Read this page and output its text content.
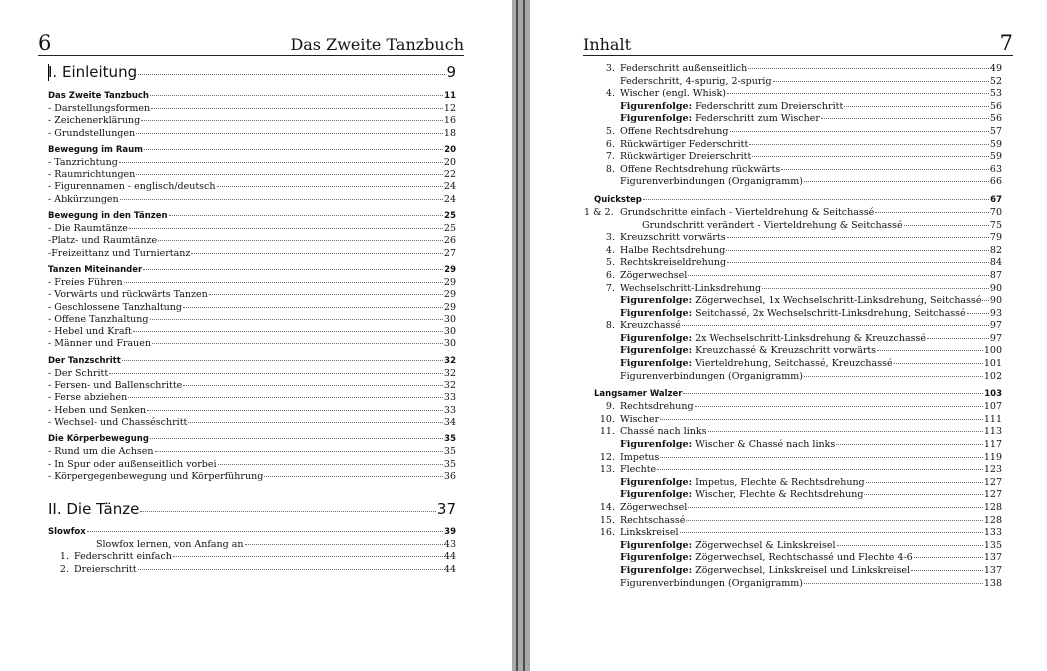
6	Das Zweite Tanzbuch
I. Einleitung	9
Das Zweite Tanzbuch	11
- Darstellungsformen	12
- Zeichenerklärung	16
- Grundstellungen	18
Bewegung im Raum	20
- Tanzrichtung	20
- Raumrichtungen	22
- Figurennamen - englisch/deutsch	24
- Abkürzungen	24
Bewegung in den Tänzen	25
- Die Raumtänze	25
-Platz- und Raumtänze	26
-Freizeittanz und Turniertanz	27
Tanzen Miteinander	29
- Freies Führen	29
- Vorwärts und rückwärts Tanzen	29
- Geschlossene Tanzhaltung	29
- Offene Tanzhaltung	30
- Hebel und Kraft	30
- Männer und Frauen	30
Der Tanzschritt	32
- Der Schritt	32
- Fersen- und Ballenschritte	32
- Ferse abziehen	33
- Heben und Senken	33
- Wechsel- und Chasséschritt	34
Die Körperbewegung	35
- Rund um die Achsen	35
- In Spur oder außenseitlich vorbei	35
- Körpergegenbewegung und Körperführung	36
II. Die Tänze	37
Slowfox	39
Slowfox lernen, von Anfang an	43
1. Federschritt einfach	44
2. Dreierschritt	44
Inhalt	7
3. Federschritt außenseitlich	49
Federschritt, 4-spurig, 2-spurig	52
4. Wischer (engl. Whisk)	53
Figurenfolge: Federschritt zum Dreierschritt	56
Figurenfolge: Federschritt zum Wischer	56
5. Offene Rechtsdrehung	57
6. Rückwärtiger Federschritt	59
7. Rückwärtiger Dreierschritt	59
8. Offene Rechtsdrehung rückwärts	63
Figurenverbindungen (Organigramm)	66
Quickstep	67
1 & 2. Grundschritte einfach - Vierteldrehung & Seitchassé	70
Grundschritt verändert - Vierteldrehung & Seitchassé	75
3. Kreuzschritt vorwärts	79
4. Halbe Rechtsdrehung	82
5. Rechtskreiseldrehung	84
6. Zögerwechsel	87
7. Wechselschritt-Linksdrehung	90
Figurenfolge: Zögerwechsel, 1x Wechselschritt-Linksdrehung, Seitchassé 90
Figurenfolge: Seitchassé, 2x Wechselschritt-Linksdrehung, Seitchassé	93
8. Kreuzchassé	97
Figurenfolge: 2x Wechselschritt-Linksdrehung & Kreuzchassé	97
Figurenfolge: Kreuzchassé & Kreuzschritt vorwärts	100
Figurenfolge: Vierteldrehung, Seitchassé, Kreuzchassé	101
Figurenverbindungen (Organigramm)	102
Langsamer Walzer	103
9. Rechtsdrehung	107
10. Wischer	111
11. Chassé nach links	113
Figurenfolge: Wischer & Chassé nach links	117
12. Impetus	119
13. Flechte	123
Figurenfolge: Impetus, Flechte & Rechtsdrehung	127
Figurenfolge: Wischer, Flechte & Rechtsdrehung	127
14. Zögerwechsel	128
15. Rechtschassé	128
16. Linkskreisel	133
Figurenfolge: Zögerwechsel & Linkskreisel	135
Figurenfolge: Zögerwechsel, Rechtschassé und Flechte 4-6	137
Figurenfolge: Zögerwechsel, Linkskreisel und Linkskreisel	137
Figurenverbindungen (Organigramm)	138
